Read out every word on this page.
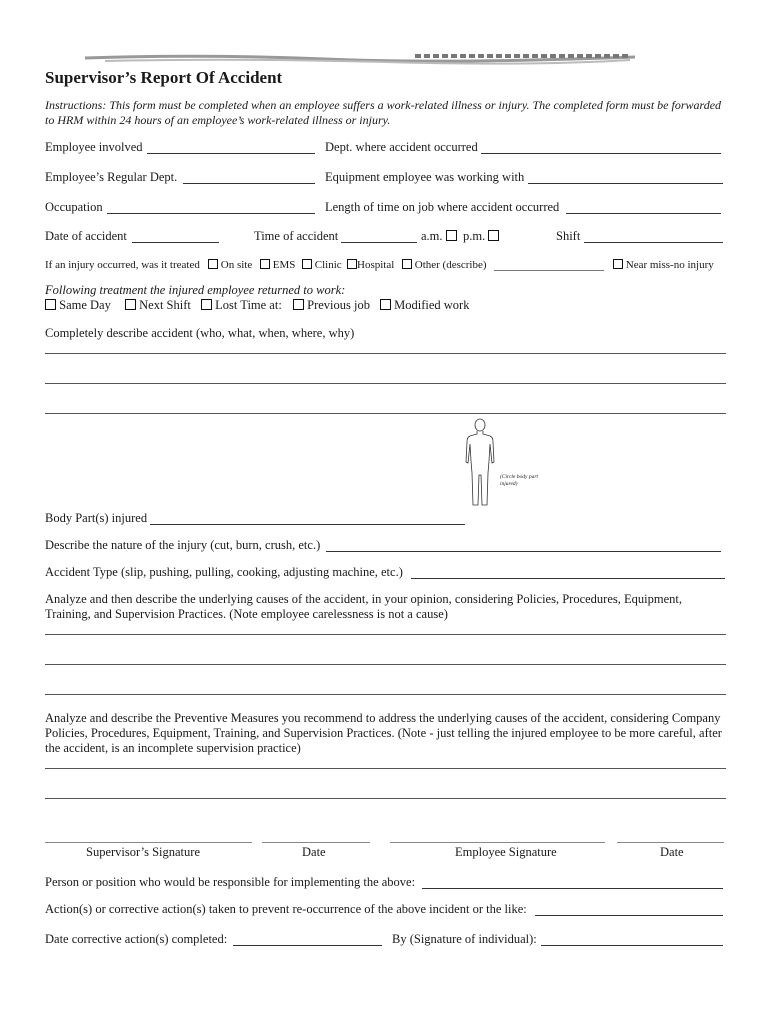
Supervisor’s Report Of Accident
Instructions: This form must be completed when an employee suffers a work-related illness or injury. The completed form must be forwarded to HRM within 24 hours of an employee’s work-related illness or injury.
Employee involved	Dept. where accident occurred
Employee’s Regular Dept.	Equipment employee was working with
Occupation	Length of time on job where accident occurred
Date of accident	Time of accident	a.m.	p.m.	Shift
If an injury occurred, was it treated	On site	EMS	Clinic	Hospital	Other (describe)	Near miss-no injury
Following treatment the injured employee returned to work:
Same Day	Next Shift	Lost Time at:	Previous job	Modified work
Completely describe accident (who, what, when, where, why)
(Circle body part injured)
Body Part(s) injured
Describe the nature of the injury (cut, burn, crush, etc.)
Accident Type (slip, pushing, pulling, cooking, adjusting machine, etc.)
Analyze and then describe the underlying causes of the accident, in your opinion, considering Policies, Procedures, Equipment, Training, and Supervision Practices. (Note employee carelessness is not a cause)
Analyze and describe the Preventive Measures you recommend to address the underlying causes of the accident, considering Company Policies, Procedures, Equipment, Training, and Supervision Practices. (Note - just telling the injured employee to be more careful, after the accident, is an incomplete supervision practice)
Supervisor’s Signature	Date	Employee Signature	Date
Person or position who would be responsible for implementing the above:
Action(s) or corrective action(s) taken to prevent re-occurrence of the above incident or the like:
Date corrective action(s) completed:	By (Signature of individual):
